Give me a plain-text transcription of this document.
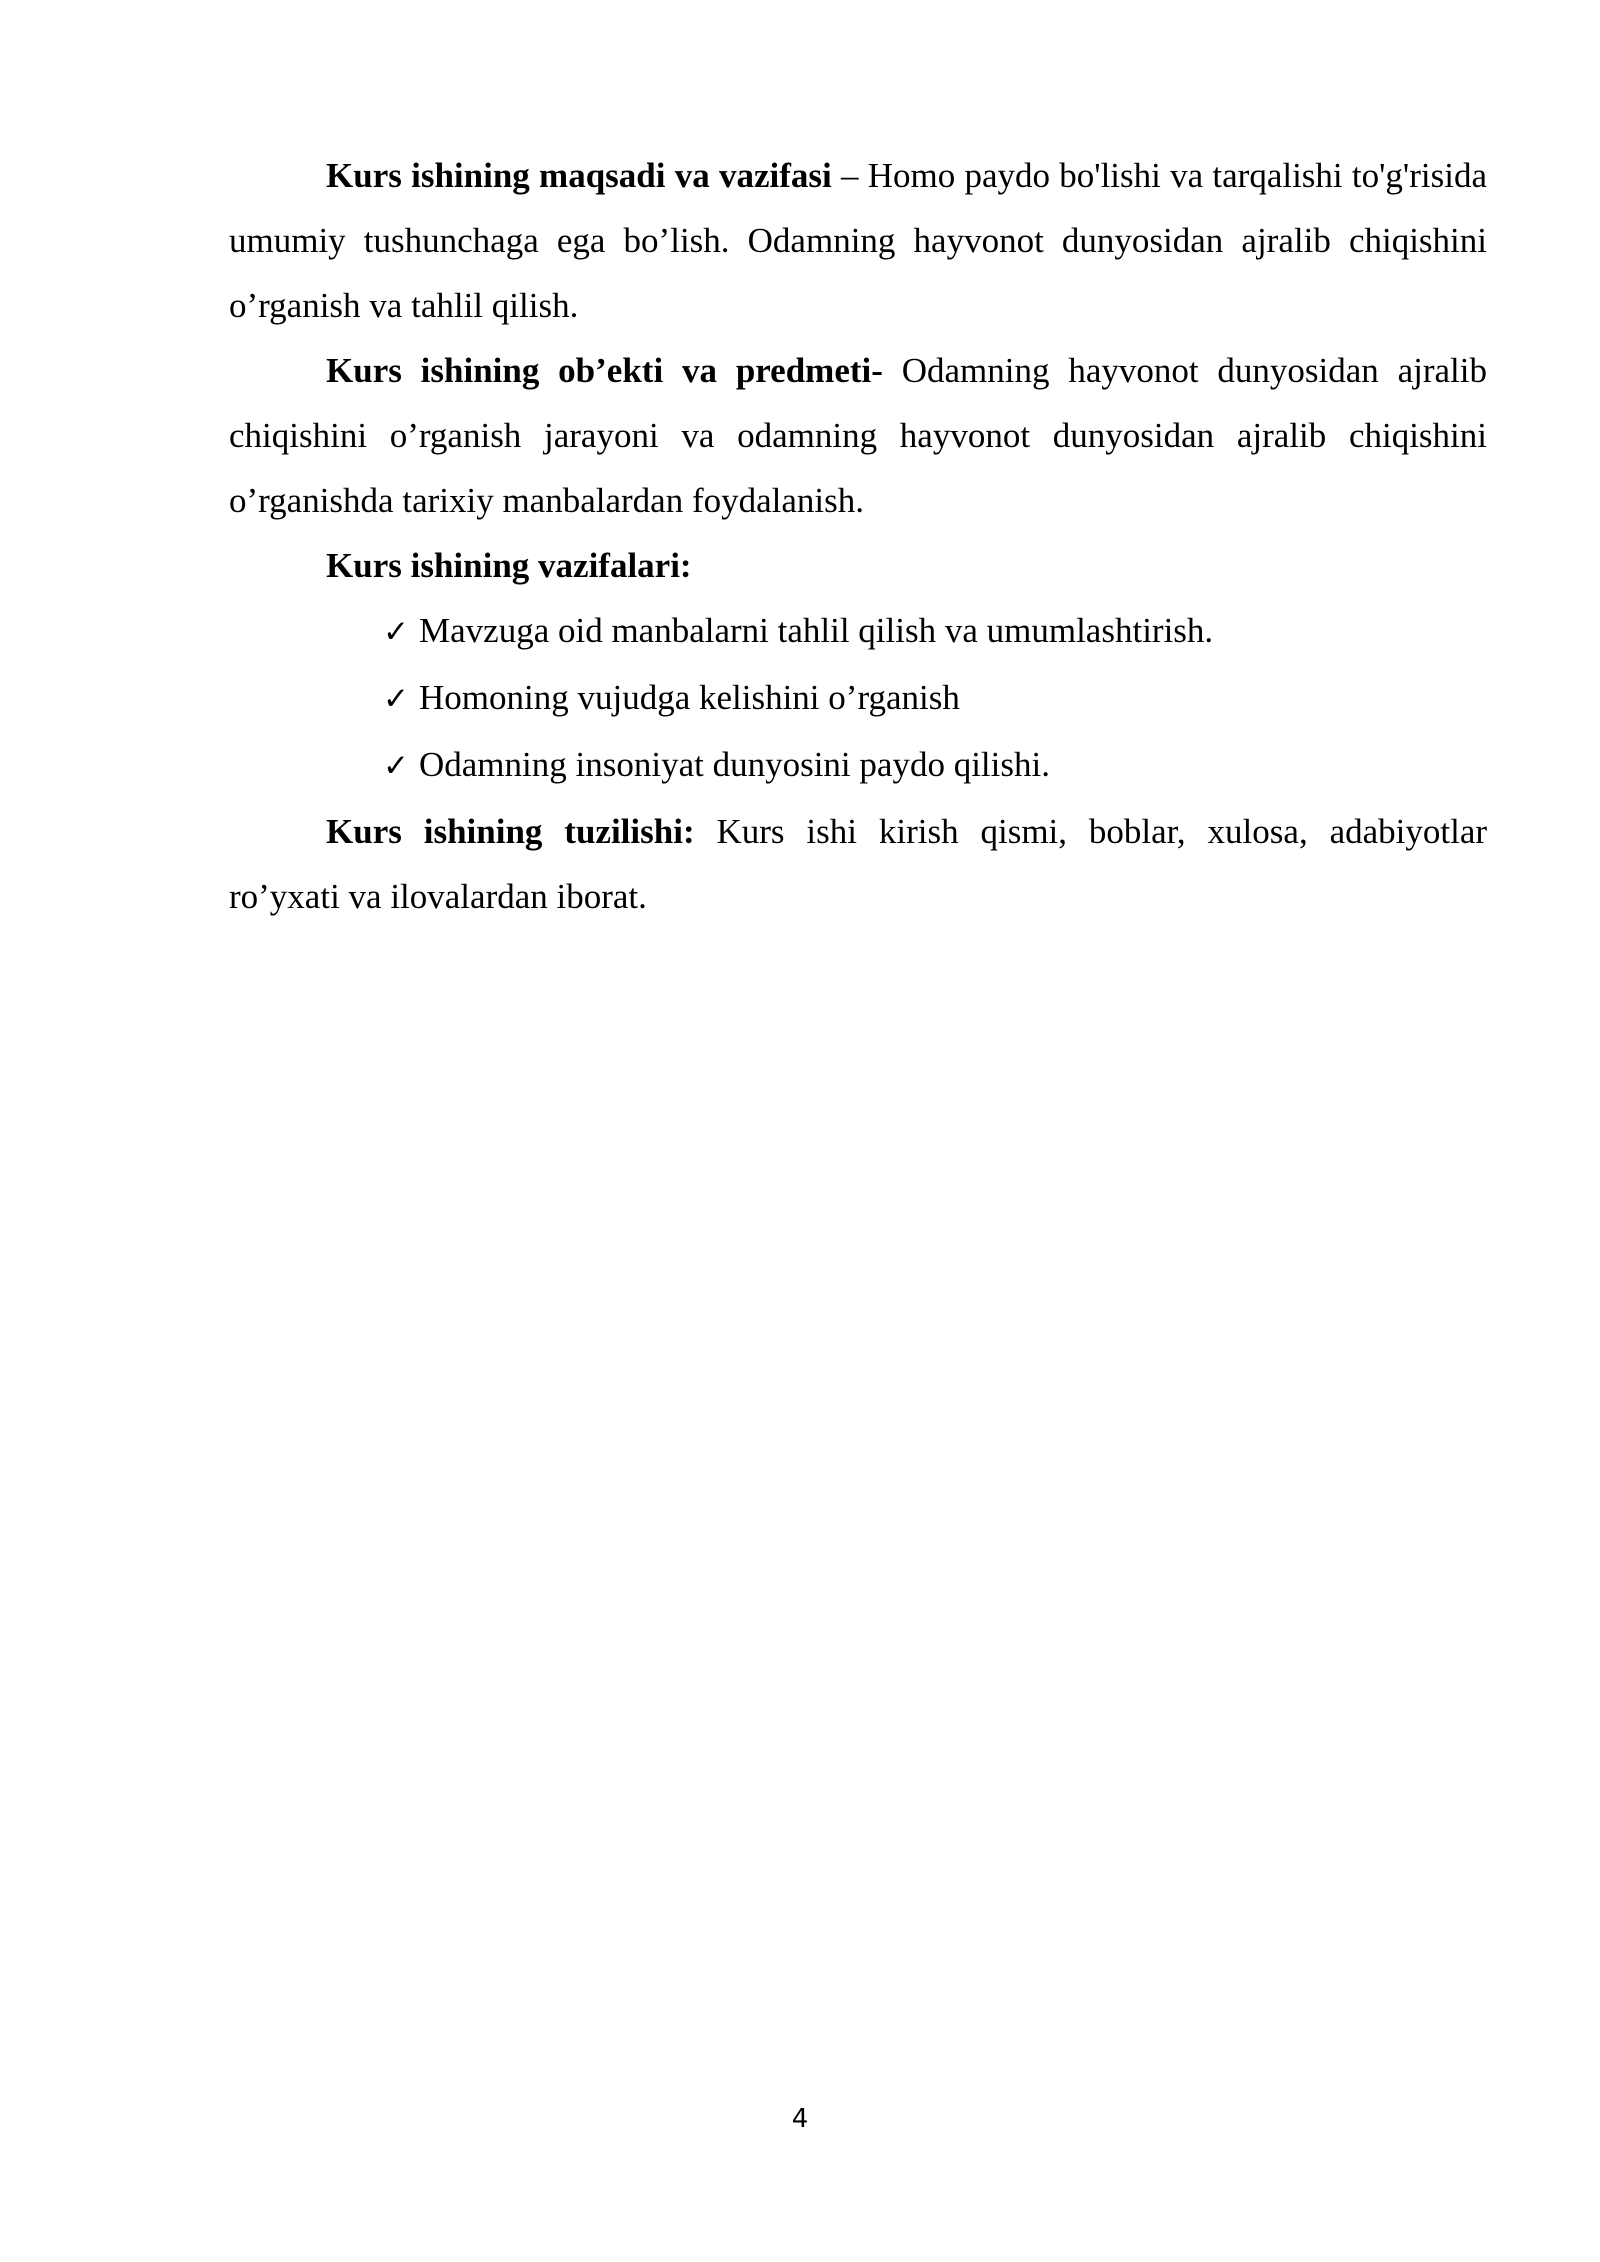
Kurs ishining maqsadi va vazifasi – Homo paydo bo'lishi va tarqalishi to'g'risida umumiy tushunchaga ega bo’lish. Odamning hayvonot dunyosidan ajralib chiqishini o’rganish va tahlil qilish.

Kurs ishining ob’ekti va predmeti- Odamning hayvonot dunyosidan ajralib chiqishini o’rganish jarayoni va odamning hayvonot dunyosidan ajralib chiqishini o’rganishda tarixiy manbalardan foydalanish.

Kurs ishining vazifalari:

✓ Mavzuga oid manbalarni tahlil qilish va umumlashtirish.
✓ Homoning vujudga kelishini o’rganish
✓ Odamning insoniyat dunyosini paydo qilishi.

Kurs ishining tuzilishi: Kurs ishi kirish qismi, boblar, xulosa, adabiyotlar ro’yxati va ilovalardan iborat.

4
